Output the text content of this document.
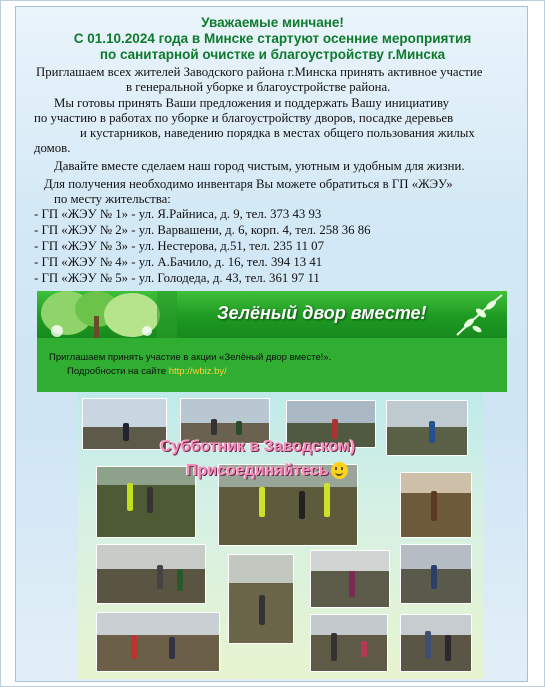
Уважаемые минчане!

С 01.10.2024 года в Минске стартуют осенние мероприятия

по санитарной очистке и благоустройству г.Минска

Приглашаем всех жителей Заводского района г.Минска принять активное участие
в генеральной уборке и благоустройстве района.
Мы готовы принять Ваши предложения и поддержать Вашу инициативу
по участию в работах по уборке и благоустройству дворов, посадке деревьев
и кустарников, наведению порядка в местах общего пользования жилых
домов.
Давайте вместе сделаем наш город чистым, уютным и удобным для жизни.
Для получения необходимо инвентаря Вы можете обратиться в ГП «ЖЭУ»
по месту жительства:
- ГП «ЖЭУ № 1» - ул. Я.Райниса, д. 9, тел. 373 43 93
- ГП «ЖЭУ № 2» - ул. Варвашени, д. 6, корп. 4, тел. 258 36 86
- ГП «ЖЭУ № 3» - ул. Нестерова, д.51, тел. 235 11 07
- ГП «ЖЭУ № 4» - ул. А.Бачило, д. 16, тел. 394 13 41
- ГП «ЖЭУ № 5» - ул. Голодеда, д. 43, тел. 361 97 11
Зелёный двор вместе!
Приглашаем принять участие в акции «Зелёный двор вместе!».
Подробности на сайте http://wbiz.by/
Субботник в Заводском)
Присоединяйтесь
